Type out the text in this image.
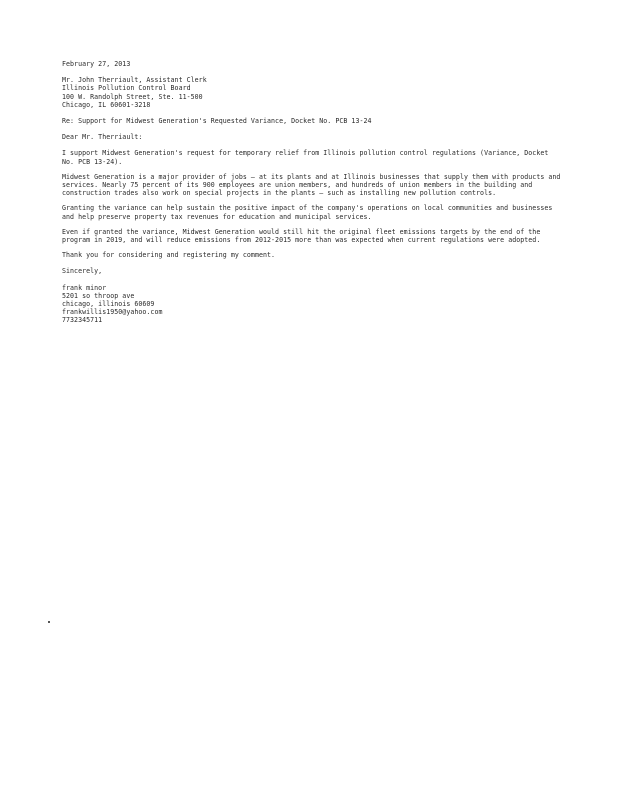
February 27, 2013
Mr. John Therriault, Assistant Clerk
Illinois Pollution Control Board
100 W. Randolph Street, Ste. 11-500
Chicago, IL 60601-3218
Re: Support for Midwest Generation's Requested Variance, Docket No. PCB 13-24
Dear Mr. Therriault:
I support Midwest Generation's request for temporary relief from Illinois pollution control regulations (Variance, Docket No. PCB 13-24).
Midwest Generation is a major provider of jobs – at its plants and at Illinois businesses that supply them with products and services. Nearly 75 percent of its 900 employees are union members, and hundreds of union members in the building and construction trades also work on special projects in the plants – such as installing new pollution controls.
Granting the variance can help sustain the positive impact of the company's operations on local communities and businesses and help preserve property tax revenues for education and municipal services.
Even if granted the variance, Midwest Generation would still hit the original fleet emissions targets by the end of the program in 2019, and will reduce emissions from 2012-2015 more than was expected when current regulations were adopted.
Thank you for considering and registering my comment.
Sincerely,
frank minor
5201 so throop ave
chicago, illinois 60609
frankwillis1950@yahoo.com
7732345711
